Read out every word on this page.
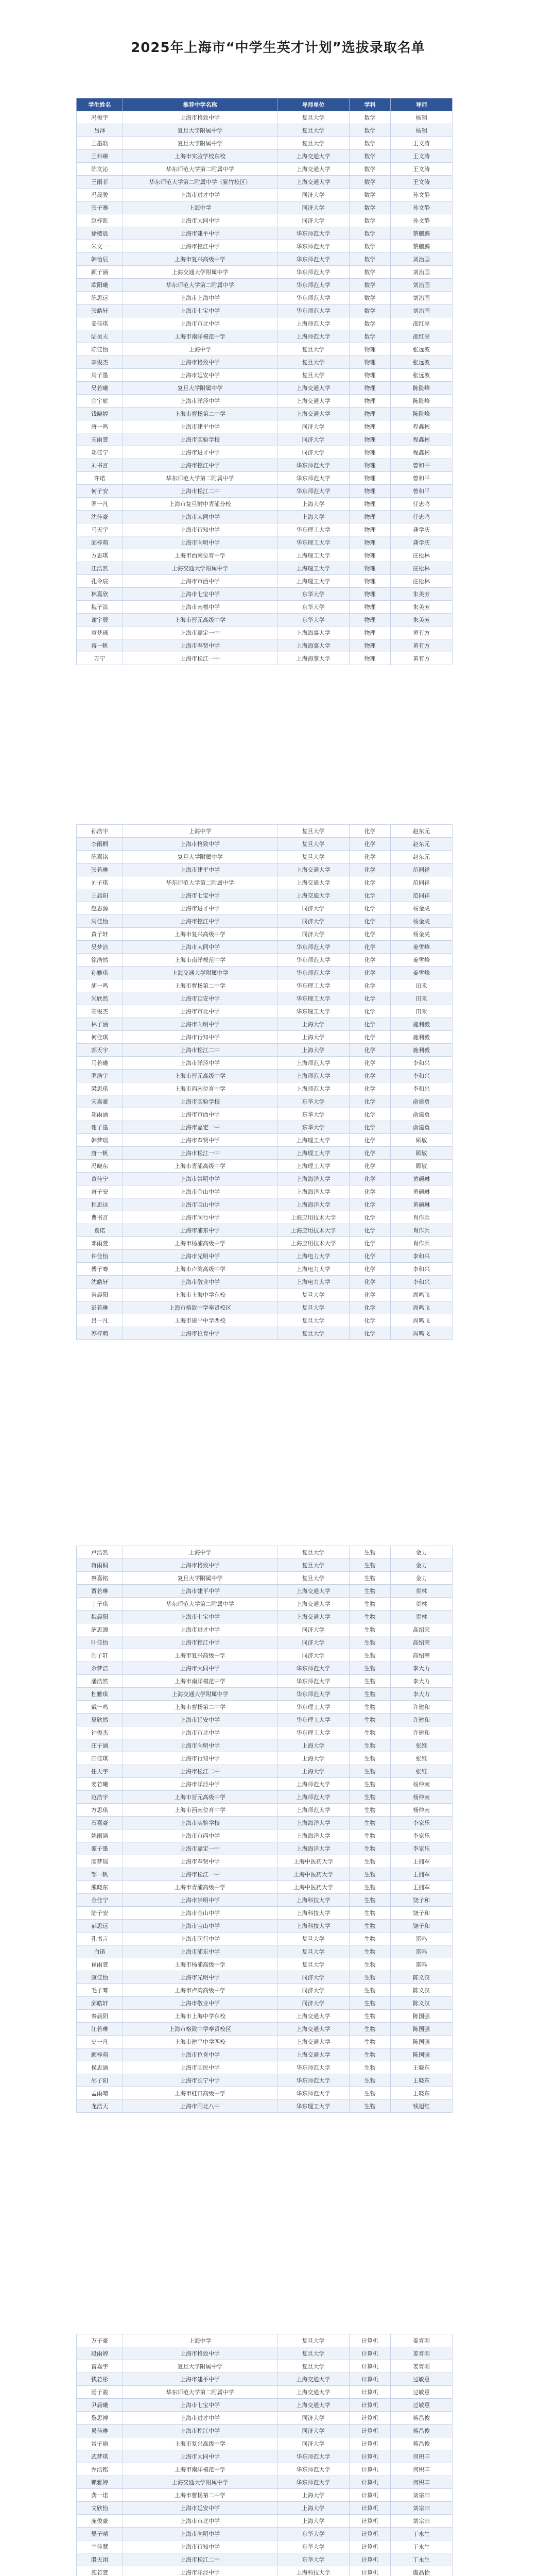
2025年上海市“中学生英才计划”选拔录取名单
学生姓名	推荐中学名称	导师单位	学科	导师
冯俊宇	上海市格致中学	复旦大学	数学	杨翎
吕泽	复旦大学附属中学	复旦大学	数学	杨翎
王墨晗	复旦大学附属中学	复旦大学	数学	王文涛
王科臻	上海市实验学校东校	上海交通大学	数学	王文涛
陈文沁	华东师范大学第二附属中学	上海交通大学	数学	王文涛
王雨菲	华东师范大学第二附属中学（紫竹校区）	上海交通大学	数学	王文涛
冯晟骏	上海市进才中学	同济大学	数学	孙文静
张子骞	上海中学	同济大学	数学	孙文静
赵梓凯	上海市大同中学	同济大学	数学	孙文静
徐樱晨	上海市建平中学	华东师范大学	数学	蔡鹏鹏
朱文一	上海市控江中学	华东师范大学	数学	蔡鹏鹏
韩怡辰	上海市复兴高级中学	华东师范大学	数学	刘治国
顾子涵	上海交通大学附属中学	华东师范大学	数学	刘治国
欧阳曦	华东师范大学第二附属中学	华东师范大学	数学	刘治国
陈思远	上海市上海中学	华东师范大学	数学	刘治国
张皓轩	上海市七宝中学	华东师范大学	数学	刘治国
姜佳琪	上海市市北中学	上海师范大学	数学	邵红亮
陆昊天	上海市南洋模范中学	上海师范大学	数学	邵红亮
陈佳怡	上海中学	复旦大学	物理	张远波
李俊杰	上海市格致中学	复旦大学	物理	张远波
周子墨	上海市延安中学	复旦大学	物理	张远波
吴若曦	复旦大学附属中学	上海交通大学	物理	陈险峰
金宇航	上海市洋泾中学	上海交通大学	物理	陈险峰
钱晓婷	上海市曹杨第二中学	上海交通大学	物理	陈险峰
唐一鸣	上海市建平中学	同济大学	物理	程鑫彬
宋雨萱	上海市实验学校	同济大学	物理	程鑫彬
郑佳宁	上海市进才中学	同济大学	物理	程鑫彬
刘书言	上海市控江中学	华东师范大学	物理	曾和平
许诺	华东师范大学第二附属中学	华东师范大学	物理	曾和平
何子安	上海市松江二中	华东师范大学	物理	曾和平
罗一凡	上海市复旦附中青浦分校	上海大学	物理	任忠鸣
沈佳豪	上海市大同中学	上海大学	物理	任忠鸣
马天宇	上海市行知中学	华东理工大学	物理	龚学庆
邱梓萌	上海市向明中学	华东理工大学	物理	龚学庆
方思琪	上海市西南位育中学	上海理工大学	物理	庄松林
江浩然	上海交通大学附属中学	上海理工大学	物理	庄松林
孔令宸	上海市市西中学	上海理工大学	物理	庄松林
林嘉欣	上海市七宝中学	东华大学	物理	朱美芳
魏子淇	上海市南模中学	东华大学	物理	朱美芳
谢宇辰	上海市晋元高级中学	东华大学	物理	朱美芳
袁梦瑶	上海市嘉定一中	上海海事大学	物理	黄有方
蒋一帆	上海市奉贤中学	上海海事大学	物理	黄有方
万宁	上海市松江一中	上海海事大学	物理	黄有方
孙浩宇	上海中学	复旦大学	化学	赵东元
李雨桐	上海市格致中学	复旦大学	化学	赵东元
陈嘉铭	复旦大学附属中学	复旦大学	化学	赵东元
张若琳	上海市建平中学	上海交通大学	化学	范同祥
刘子琪	华东师范大学第二附属中学	上海交通大学	化学	范同祥
王晨阳	上海市七宝中学	上海交通大学	化学	范同祥
赵思源	上海市进才中学	同济大学	化学	杨金虎
周佳怡	上海市控江中学	同济大学	化学	杨金虎
黄子轩	上海市复兴高级中学	同济大学	化学	杨金虎
吴梦洁	上海市大同中学	华东师范大学	化学	姜雪峰
徐浩然	上海市南洋模范中学	华东师范大学	化学	姜雪峰
孙雅琪	上海交通大学附属中学	华东师范大学	化学	姜雪峰
胡一鸣	上海市曹杨第二中学	华东理工大学	化学	田禾
朱欣然	上海市延安中学	华东理工大学	化学	田禾
高俊杰	上海市市北中学	华东理工大学	化学	田禾
林子涵	上海市向明中学	上海大学	化学	施利毅
何佳琪	上海市行知中学	上海大学	化学	施利毅
郭天宇	上海市松江二中	上海大学	化学	施利毅
马若曦	上海市洋泾中学	上海师范大学	化学	李和兴
罗浩宇	上海市晋元高级中学	上海师范大学	化学	李和兴
梁思琪	上海市西南位育中学	上海师范大学	化学	李和兴
宋嘉豪	上海市实验学校	东华大学	化学	俞建勇
郑雨涵	上海市市西中学	东华大学	化学	俞建勇
谢子墨	上海市嘉定一中	东华大学	化学	俞建勇
韩梦瑶	上海市奉贤中学	上海理工大学	化学	顾敏
唐一帆	上海市松江一中	上海理工大学	化学	顾敏
冯晓东	上海市青浦高级中学	上海理工大学	化学	顾敏
董佳宁	上海市崇明中学	上海海洋大学	化学	黄硕琳
萧子安	上海市金山中学	上海海洋大学	化学	黄硕琳
程思远	上海市宝山中学	上海海洋大学	化学	黄硕琳
曹书言	上海市闵行中学	上海应用技术大学	化学	肖作兵
袁诺	上海市浦东中学	上海应用技术大学	化学	肖作兵
邓雨萱	上海市杨浦高级中学	上海应用技术大学	化学	肖作兵
许佳怡	上海市光明中学	上海电力大学	化学	李和兴
傅子骞	上海市卢湾高级中学	上海电力大学	化学	李和兴
沈皓轩	上海市敬业中学	上海电力大学	化学	李和兴
曾晨阳	上海市上海中学东校	复旦大学	化学	周鸣飞
彭若琳	上海市格致中学奉贤校区	复旦大学	化学	周鸣飞
吕一凡	上海市建平中学西校	复旦大学	化学	周鸣飞
苏梓萌	上海市位育中学	复旦大学	化学	周鸣飞
卢浩然	上海中学	复旦大学	生物	金力
蒋雨桐	上海市格致中学	复旦大学	生物	金力
蔡嘉铭	复旦大学附属中学	复旦大学	生物	金力
贾若琳	上海市建平中学	上海交通大学	生物	贺林
丁子琪	华东师范大学第二附属中学	上海交通大学	生物	贺林
魏晨阳	上海市七宝中学	上海交通大学	生物	贺林
薛思源	上海市进才中学	同济大学	生物	高绍荣
叶佳怡	上海市控江中学	同济大学	生物	高绍荣
阎子轩	上海市复兴高级中学	同济大学	生物	高绍荣
余梦洁	上海市大同中学	华东师范大学	生物	李大力
潘浩然	上海市南洋模范中学	华东师范大学	生物	李大力
杜雅琪	上海交通大学附属中学	华东师范大学	生物	李大力
戴一鸣	上海市曹杨第二中学	华东理工大学	生物	许建和
夏欣然	上海市延安中学	华东理工大学	生物	许建和
钟俊杰	上海市市北中学	华东理工大学	生物	许建和
汪子涵	上海市向明中学	上海大学	生物	张维
田佳琪	上海市行知中学	上海大学	生物	张维
任天宇	上海市松江二中	上海大学	生物	张维
姜若曦	上海市洋泾中学	上海师范大学	生物	杨仲南
范浩宇	上海市晋元高级中学	上海师范大学	生物	杨仲南
方思琪	上海市西南位育中学	上海师范大学	生物	杨仲南
石嘉豪	上海市实验学校	上海海洋大学	生物	李家乐
姚雨涵	上海市市西中学	上海海洋大学	生物	李家乐
谭子墨	上海市嘉定一中	上海海洋大学	生物	李家乐
廖梦瑶	上海市奉贤中学	上海中医药大学	生物	王拥军
邹一帆	上海市松江一中	上海中医药大学	生物	王拥军
熊晓东	上海市青浦高级中学	上海中医药大学	生物	王拥军
金佳宁	上海市崇明中学	上海科技大学	生物	饶子和
陆子安	上海市金山中学	上海科技大学	生物	饶子和
郝思远	上海市宝山中学	上海科技大学	生物	饶子和
孔书言	上海市闵行中学	复旦大学	生物	雷鸣
白诺	上海市浦东中学	复旦大学	生物	雷鸣
崔雨萱	上海市杨浦高级中学	复旦大学	生物	雷鸣
康佳怡	上海市光明中学	同济大学	生物	陈义汉
毛子骞	上海市卢湾高级中学	同济大学	生物	陈义汉
邱皓轩	上海市敬业中学	同济大学	生物	陈义汉
秦晨阳	上海市上海中学东校	上海交通大学	生物	陈国强
江若琳	上海市格致中学奉贤校区	上海交通大学	生物	陈国强
史一凡	上海市建平中学西校	上海交通大学	生物	陈国强
顾梓萌	上海市位育中学	上海交通大学	生物	陈国强
侯思涵	上海市回民中学	华东师范大学	生物	王晓东
邵子阳	上海市长宁中学	华东师范大学	生物	王晓东
孟雨晴	上海市虹口高级中学	华东师范大学	生物	王晓东
龙浩天	上海市闸北八中	华东理工大学	生物	钱旭红
万子豪	上海中学	复旦大学	计算机	姜育刚
段雨婷	上海市格致中学	复旦大学	计算机	姜育刚
雷嘉宇	复旦大学附属中学	复旦大学	计算机	姜育刚
钱若彤	上海市建平中学	上海交通大学	计算机	过敏意
汤子骏	华东师范大学第二附属中学	上海交通大学	计算机	过敏意
尹晨曦	上海市七宝中学	上海交通大学	计算机	过敏意
黎思博	上海市进才中学	同济大学	计算机	蒋昌俊
易佳琳	上海市控江中学	同济大学	计算机	蒋昌俊
常子瑜	上海市复兴高级中学	同济大学	计算机	蒋昌俊
武梦琪	上海市大同中学	华东师范大学	计算机	何积丰
乔浩铭	上海市南洋模范中学	华东师范大学	计算机	何积丰
赖雅婷	上海交通大学附属中学	华东师范大学	计算机	何积丰
龚一诺	上海市曹杨第二中学	上海大学	计算机	刘宗田
文欣怡	上海市延安中学	上海大学	计算机	刘宗田
庞俊豪	上海市市北中学	上海大学	计算机	刘宗田
樊子晴	上海市向明中学	东华大学	计算机	丁永生
兰佳慧	上海市行知中学	东华大学	计算机	丁永生
殷天翊	上海市松江二中	东华大学	计算机	丁永生
施若萱	上海市洋泾中学	上海科技大学	计算机	虞晶怡
